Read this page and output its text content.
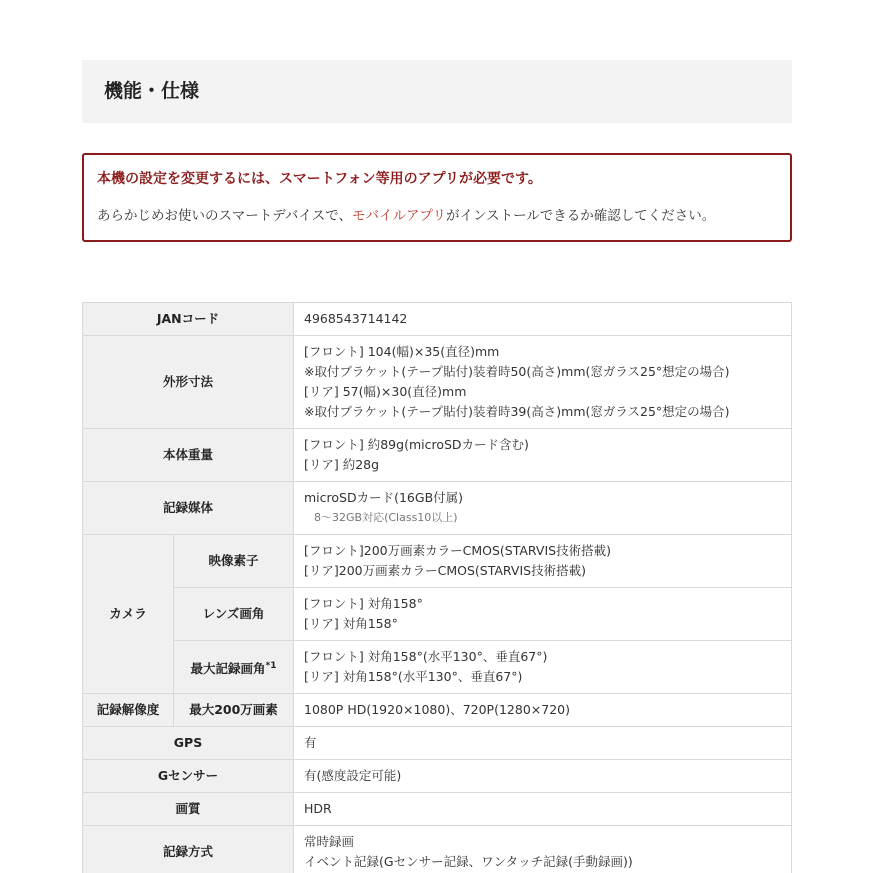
機能・仕様

本機の設定を変更するには、スマートフォン等用のアプリが必要です。

あらかじめお使いのスマートデバイスで、モバイルアプリがインストールできるか確認してください。

JANコード		4968543714142
外形寸法		[フロント] 104(幅)×35(直径)mm
※取付ブラケット(テープ貼付)装着時50(高さ)mm(窓ガラス25°想定の場合)
[リア] 57(幅)×30(直径)mm
※取付ブラケット(テープ貼付)装着時39(高さ)mm(窓ガラス25°想定の場合)

本体重量		[フロント] 約89g(microSDカード含む)
[リア] 約28g

記録媒体		microSDカード(16GB付属)
8～32GB対応(Class10以上)

カメラ	映像素子	[フロント]200万画素カラーCMOS(STARVIS技術搭載)
[リア]200万画素カラーCMOS(STARVIS技術搭載)

	レンズ画角	[フロント] 対角158°
[リア] 対角158°

	最大記録画角$^{*1}$	[フロント] 対角158°(水平130°、垂直67°)
[リア] 対角158°(水平130°、垂直67°)

記録解像度	最大200万画素	1080P HD(1920×1080)、720P(1280×720)
GPS		有
Gセンサー		有(感度設定可能)
画質		HDR
記録方式		常時録画
イベント記録(Gセンサー記録、ワンタッチ記録(手動録画))
